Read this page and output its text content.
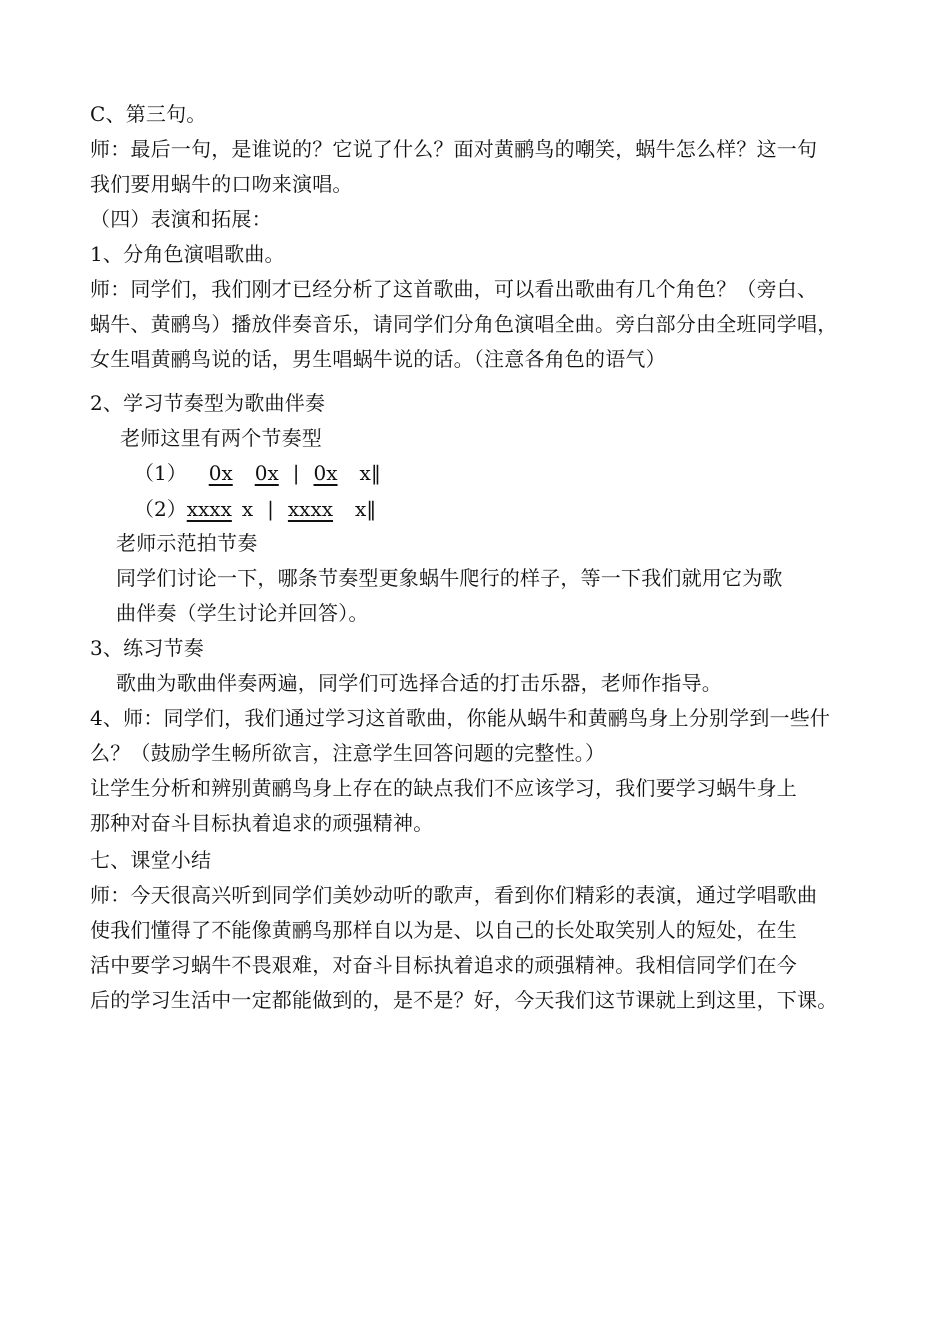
C、第三句。
师：最后一句，是谁说的？它说了什么？面对黄鹂鸟的嘲笑，蜗牛怎么样？这一句
我们要用蜗牛的口吻来演唱。
（四）表演和拓展：
1、分角色演唱歌曲。
师：同学们，我们刚才已经分析了这首歌曲，可以看出歌曲有几个角色？（旁白、
蜗牛、黄鹂鸟）播放伴奏音乐，请同学们分角色演唱全曲。旁白部分由全班同学唱，
女生唱黄鹂鸟说的话，男生唱蜗牛说的话。（注意各角色的语气）
2、学习节奏型为歌曲伴奏
老师这里有两个节奏型
（1） 0x 0x | 0x x‖
（2）xxxx x | xxxx x‖
老师示范拍节奏
同学们讨论一下，哪条节奏型更象蜗牛爬行的样子，等一下我们就用它为歌
曲伴奏（学生讨论并回答）。
3、练习节奏
歌曲为歌曲伴奏两遍，同学们可选择合适的打击乐器，老师作指导。
4、师：同学们，我们通过学习这首歌曲，你能从蜗牛和黄鹂鸟身上分别学到一些什
么？（鼓励学生畅所欲言，注意学生回答问题的完整性。）
让学生分析和辨别黄鹂鸟身上存在的缺点我们不应该学习，我们要学习蜗牛身上
那种对奋斗目标执着追求的顽强精神。
七、课堂小结
师：今天很高兴听到同学们美妙动听的歌声，看到你们精彩的表演，通过学唱歌曲
使我们懂得了不能像黄鹂鸟那样自以为是、以自己的长处取笑别人的短处，在生
活中要学习蜗牛不畏艰难，对奋斗目标执着追求的顽强精神。我相信同学们在今
后的学习生活中一定都能做到的，是不是？好，今天我们这节课就上到这里，下课。
